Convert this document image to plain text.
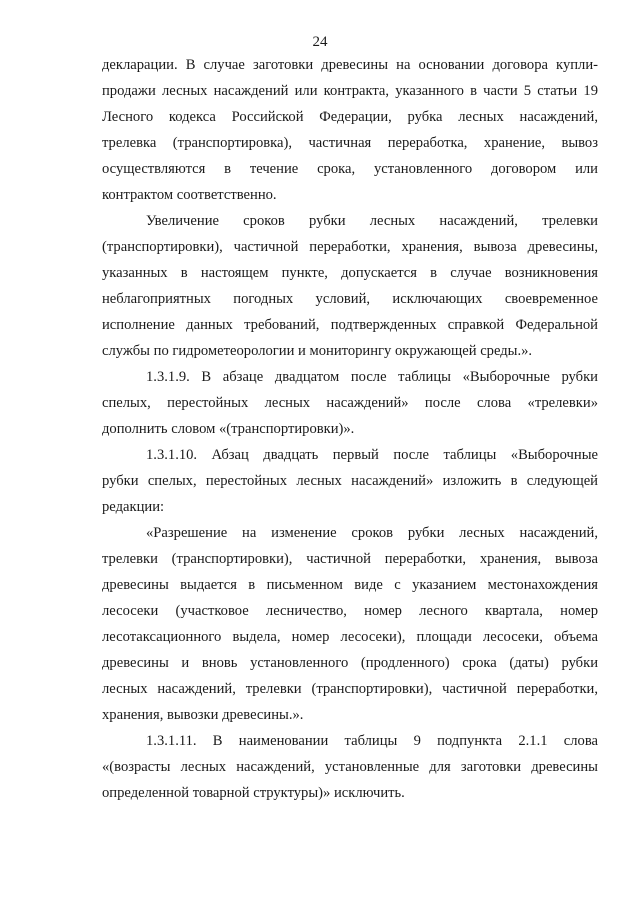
24
декларации. В случае заготовки древесины на основании договора купли-
продажи лесных насаждений или контракта, указанного в части 5 статьи 19
Лесного кодекса Российской Федерации, рубка лесных насаждений,
трелевка (транспортировка), частичная переработка, хранение, вывоз
осуществляются в течение срока, установленного договором или
контрактом соответственно.
Увеличение сроков рубки лесных насаждений, трелевки
(транспортировки), частичной переработки, хранения, вывоза древесины,
указанных в настоящем пункте, допускается в случае возникновения
неблагоприятных погодных условий, исключающих своевременное
исполнение данных требований, подтвержденных справкой Федеральной
службы по гидрометеорологии и мониторингу окружающей среды.».
1.3.1.9. В абзаце двадцатом после таблицы «Выборочные рубки
спелых, перестойных лесных насаждений» после слова «трелевки»
дополнить словом «(транспортировки)».
1.3.1.10. Абзац двадцать первый после таблицы «Выборочные
рубки спелых, перестойных лесных насаждений» изложить в следующей
редакции:
«Разрешение на изменение сроков рубки лесных насаждений,
трелевки (транспортировки), частичной переработки, хранения, вывоза
древесины выдается в письменном виде с указанием местонахождения
лесосеки (участковое лесничество, номер лесного квартала, номер
лесотаксационного выдела, номер лесосеки), площади лесосеки, объема
древесины и вновь установленного (продленного) срока (даты) рубки
лесных насаждений, трелевки (транспортировки), частичной переработки,
хранения, вывозки древесины.».
1.3.1.11. В наименовании таблицы 9 подпункта 2.1.1 слова
«(возрасты лесных насаждений, установленные для заготовки древесины
определенной товарной структуры)» исключить.
